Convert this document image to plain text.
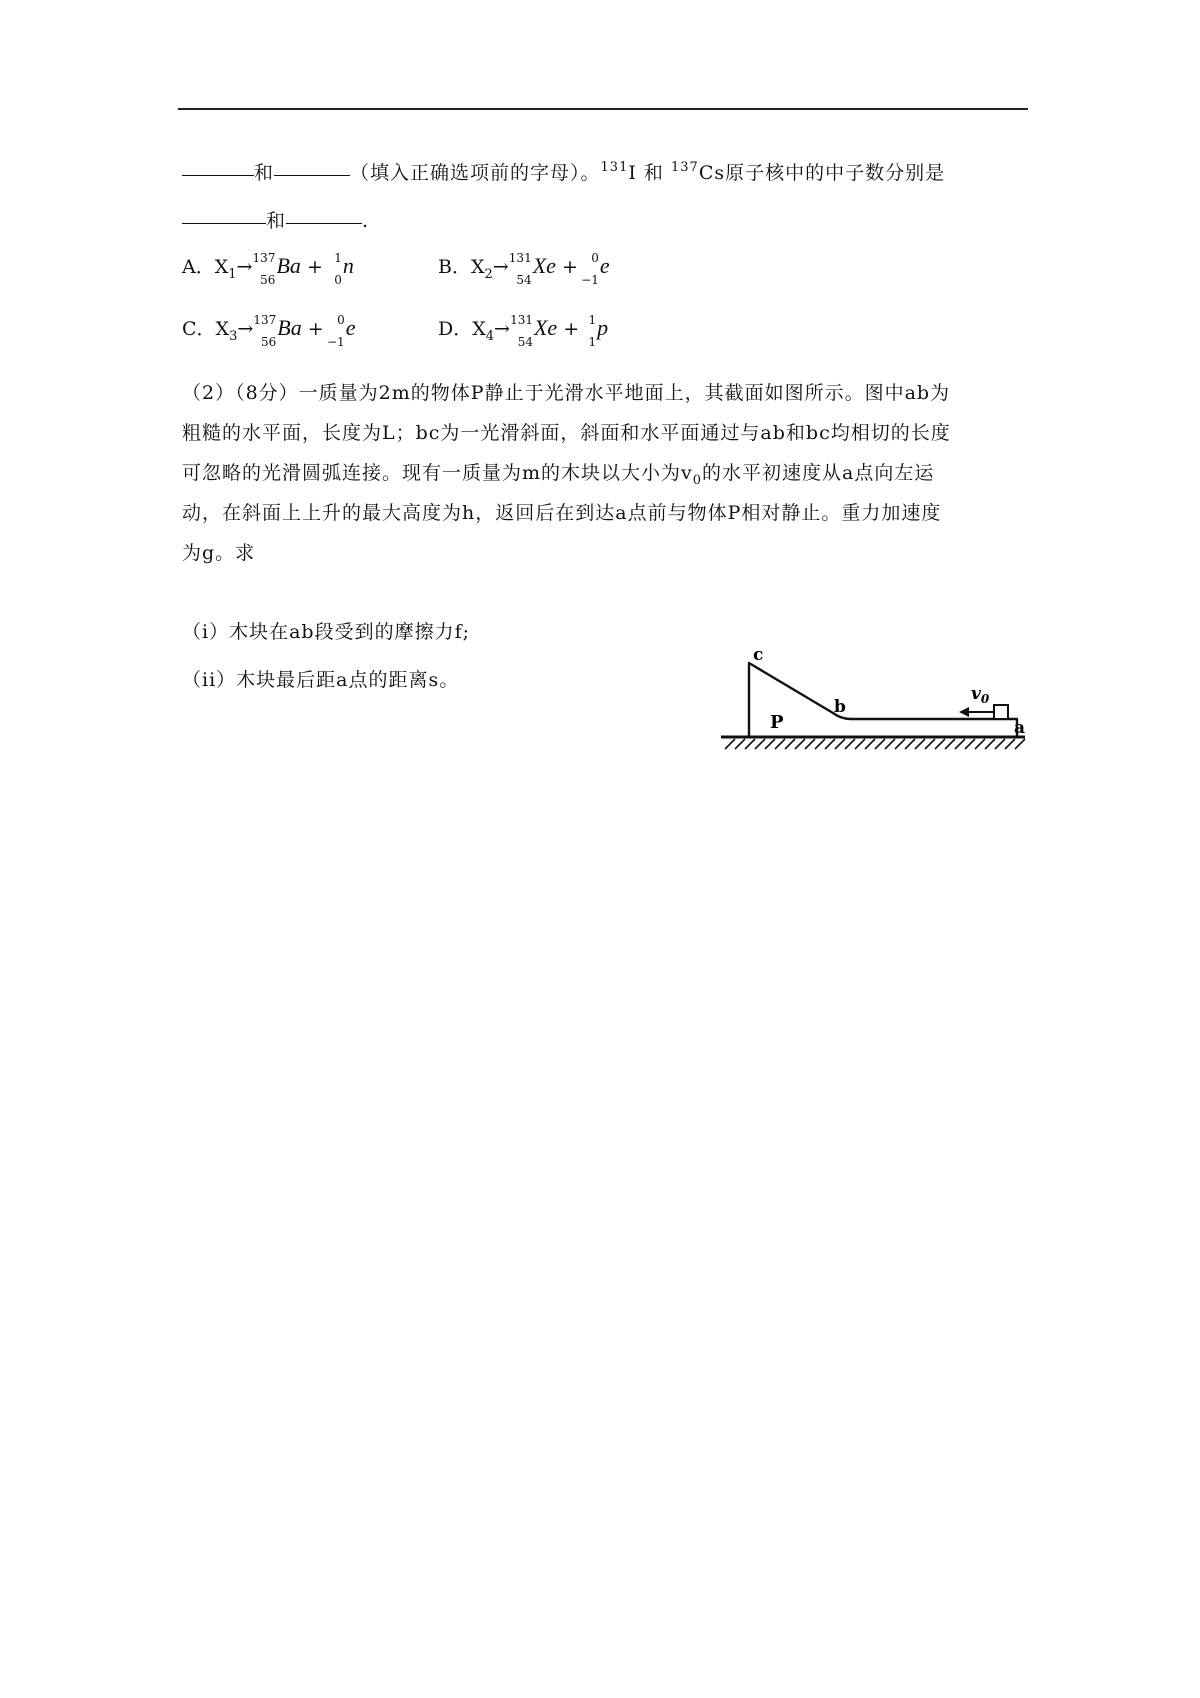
和	（填入正确选项前的字母）。$^{131}$I 和 $^{137}$Cs原子核中的中子数分别是
和	.
A．$X_1\to 137$
56
Ba + 1
0
n	B．$X_2\to 131$
54
Xe + 0
−1
e
C．$X_3\to 137$
56
Ba + 0
−1
e	D．$X_4\to 131$
54
Xe + 1
1
p
（2）（8分）一质量为2m的物体P静止于光滑水平地面上，其截面如图所示。图中ab为
粗糙的水平面，长度为L；bc为一光滑斜面，斜面和水平面通过与ab和bc均相切的长度
可忽略的光滑圆弧连接。现有一质量为m的木块以大小为$v_0$的水平初速度从a点向左运
动，在斜面上上升的最大高度为h，返回后在到达a点前与物体P相对静止。重力加速度
为g。求
（i）木块在ab段受到的摩擦力f;
（ii）木块最后距a点的距离s。
c
b
P	a
$v_0$
